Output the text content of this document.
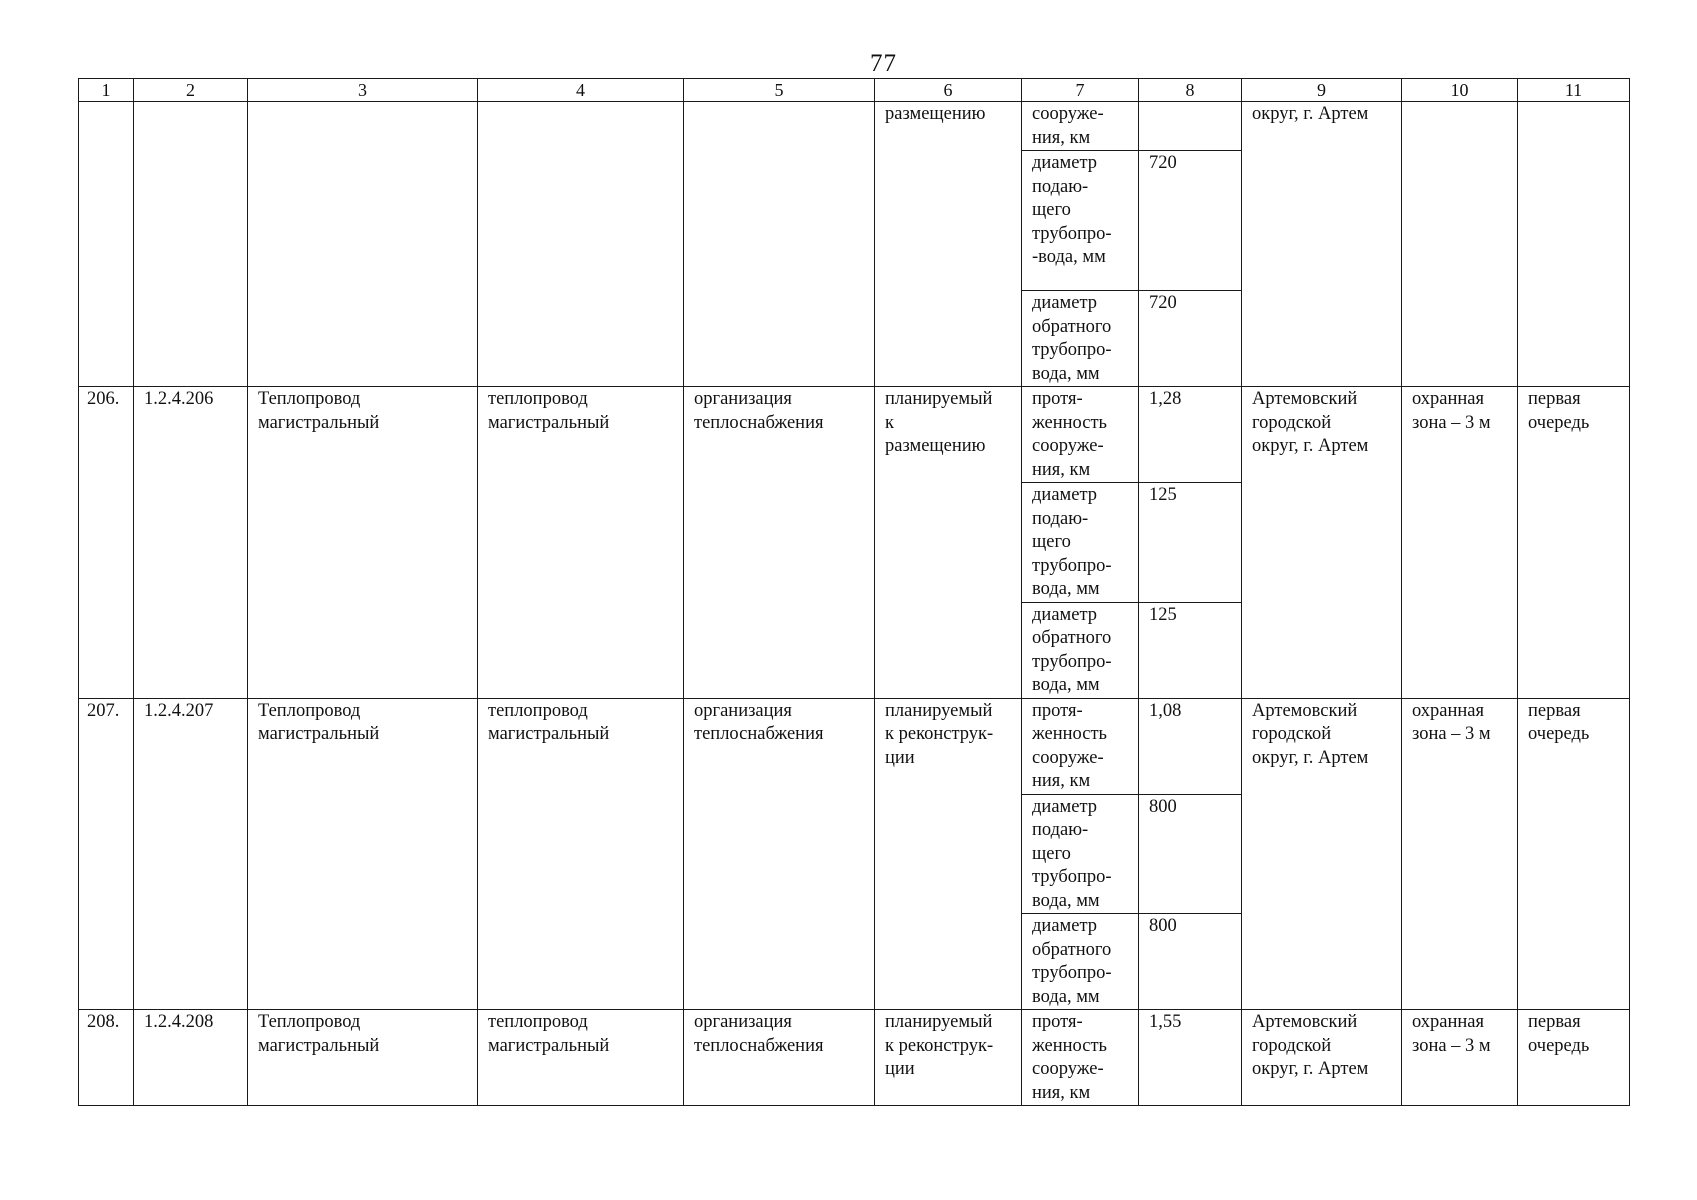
77
1	2	3	4	5	6	7	8	9	10	11
					размещению	сооруже-
ния, км		округ, г. Артем		
						диаметр
подаю-
щего
трубопро-
-вода, мм	720			
						диаметр
обратного
трубопро-
вода, мм	720			
206.	1.2.4.206	Теплопровод
магистральный	теплопровод
магистральный	организация
теплоснабжения	планируемый
к
размещению	протя-
женность
сооруже-
ния, км	1,28	Артемовский
городской
округ, г. Артем	охранная
зона – 3 м	первая
очередь
						диаметр
подаю-
щего
трубопро-
вода, мм	125			
						диаметр
обратного
трубопро-
вода, мм	125			
207.	1.2.4.207	Теплопровод
магистральный	теплопровод
магистральный	организация
теплоснабжения	планируемый
к реконструк-
ции	протя-
женность
сооруже-
ния, км	1,08	Артемовский
городской
округ, г. Артем	охранная
зона – 3 м	первая
очередь
						диаметр
подаю-
щего
трубопро-
вода, мм	800			
						диаметр
обратного
трубопро-
вода, мм	800			
208.	1.2.4.208	Теплопровод
магистральный	теплопровод
магистральный	организация
теплоснабжения	планируемый
к реконструк-
ции	протя-
женность
сооруже-
ния, км	1,55	Артемовский
городской
округ, г. Артем	охранная
зона – 3 м	первая
очередь
